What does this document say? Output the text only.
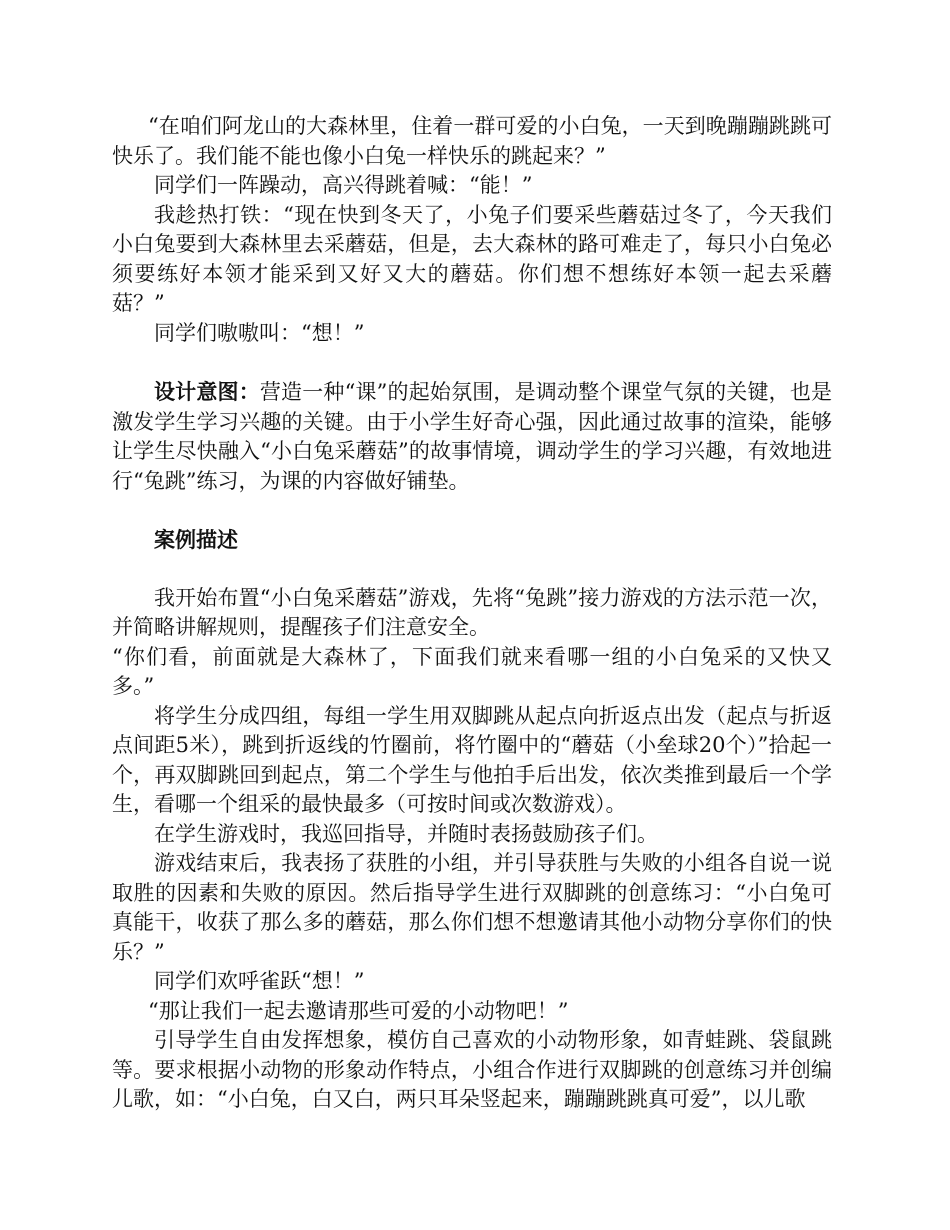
“在咱们阿龙山的大森林里，住着一群可爱的小白兔，一天到晚蹦蹦跳跳可快乐了。我们能不能也像小白兔一样快乐的跳起来？”

同学们一阵躁动，高兴得跳着喊：“能！”

我趁热打铁：“现在快到冬天了，小兔子们要采些蘑菇过冬了，今天我们小白兔要到大森林里去采蘑菇，但是，去大森林的路可难走了，每只小白兔必须要练好本领才能采到又好又大的蘑菇。你们想不想练好本领一起去采蘑菇？”

同学们嗷嗷叫：“想！”

设计意图：营造一种“课”的起始氛围，是调动整个课堂气氛的关键，也是激发学生学习兴趣的关键。由于小学生好奇心强，因此通过故事的渲染，能够让学生尽快融入“小白兔采蘑菇”的故事情境，调动学生的学习兴趣，有效地进行“兔跳”练习，为课的内容做好铺垫。

案例描述

我开始布置“小白兔采蘑菇”游戏，先将“兔跳”接力游戏的方法示范一次，并简略讲解规则，提醒孩子们注意安全。

“你们看，前面就是大森林了，下面我们就来看哪一组的小白兔采的又快又多。”

将学生分成四组，每组一学生用双脚跳从起点向折返点出发（起点与折返点间距5米），跳到折返线的竹圈前，将竹圈中的“蘑菇（小垒球20个）”拾起一个，再双脚跳回到起点，第二个学生与他拍手后出发，依次类推到最后一个学生，看哪一个组采的最快最多（可按时间或次数游戏）。

在学生游戏时，我巡回指导，并随时表扬鼓励孩子们。

游戏结束后，我表扬了获胜的小组，并引导获胜与失败的小组各自说一说取胜的因素和失败的原因。然后指导学生进行双脚跳的创意练习：“小白兔可真能干，收获了那么多的蘑菇，那么你们想不想邀请其他小动物分享你们的快乐？”

同学们欢呼雀跃“想！”

“那让我们一起去邀请那些可爱的小动物吧！”

引导学生自由发挥想象，模仿自己喜欢的小动物形象，如青蛙跳、袋鼠跳等。要求根据小动物的形象动作特点，小组合作进行双脚跳的创意练习并创编儿歌，如：“小白兔，白又白，两只耳朵竖起来，蹦蹦跳跳真可爱”，以儿歌
